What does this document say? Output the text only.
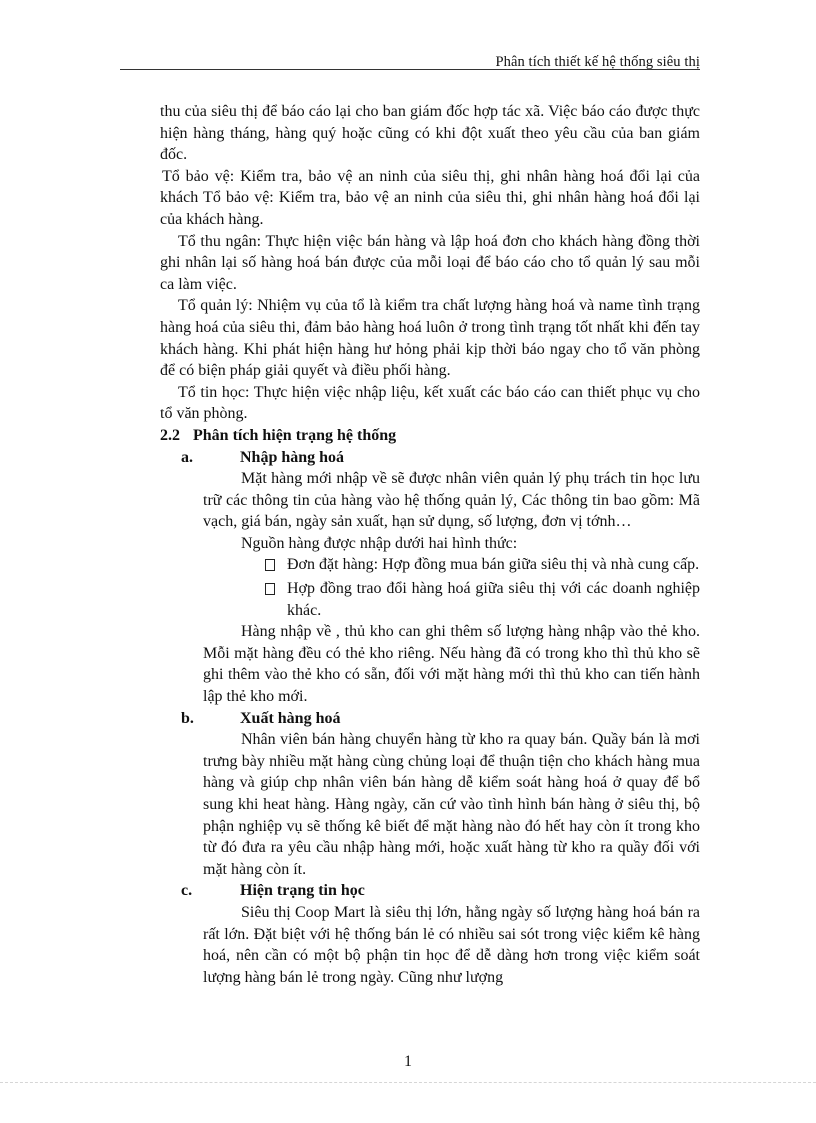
Phân tích thiết kế hệ thống siêu thị

thu của siêu thị để báo cáo lại cho ban giám đốc hợp tác xã. Việc báo cáo được thực hiện hàng tháng, hàng quý hoặc cũng có khi đột xuất theo yêu cầu của ban giám đốc.

Tổ bảo vệ: Kiểm tra, bảo vệ an ninh của siêu thị, ghi nhân hàng hoá đổi lại của khách Tổ bảo vệ: Kiểm tra, bảo vệ an ninh của siêu thi, ghi nhân hàng hoá đổi lại của khách hàng.

Tổ thu ngân: Thực hiện việc bán hàng và lập hoá đơn cho khách hàng đồng thời ghi nhân lại số hàng hoá bán được của mỗi loại để báo cáo cho tổ quản lý sau mỗi ca làm việc.

Tổ quản lý: Nhiệm vụ của tổ là kiểm tra chất lượng hàng hoá và name tình trạng hàng hoá của siêu thi, đảm bảo hàng hoá luôn ở trong tình trạng tốt nhất khi đến tay khách hàng. Khi phát hiện hàng hư hỏng phải kịp thời báo ngay cho tổ văn phòng để có biện pháp giải quyết và điều phối hàng.

Tổ tin học: Thực hiện việc nhập liệu, kết xuất các báo cáo can thiết phục vụ cho tổ văn phòng.

2.2 Phân tích hiện trạng hệ thống
a.	Nhập hàng hoá

Mặt hàng mới nhập về sẽ được nhân viên quản lý phụ trách tin học lưu trữ các thông tin của hàng vào hệ thống quản lý, Các thông tin bao gồm: Mã vạch, giá bán, ngày sản xuất, hạn sử dụng, số lượng, đơn vị tớnh…

Nguồn hàng được nhập dưới hai hình thức:

Đơn đặt hàng: Hợp đồng mua bán giữa siêu thị và nhà cung cấp.
Hợp đồng trao đổi hàng hoá giữa siêu thị với các doanh nghiệp khác.

Hàng nhập về , thủ kho can ghi thêm số lượng hàng nhập vào thẻ kho. Mỗi mặt hàng đều có thẻ kho riêng. Nếu hàng đã có trong kho thì thủ kho sẽ ghi thêm vào thẻ kho có sẵn, đối với mặt hàng mới thì thủ kho can tiến hành lập thẻ kho mới.

b.	Xuất hàng hoá

Nhân viên bán hàng chuyển hàng từ kho ra quay bán. Quầy bán là mơi trưng bày nhiều mặt hàng cùng chủng loại để thuận tiện cho khách hàng mua hàng và giúp chp nhân viên bán hàng dễ kiểm soát hàng hoá ở quay để bổ sung khi heat hàng. Hàng ngày, căn cứ vào tình hình bán hàng ở siêu thị, bộ phận nghiệp vụ sẽ thống kê biết để mặt hàng nào đó hết hay còn ít trong kho từ đó đưa ra yêu cầu nhập hàng mới, hoặc xuất hàng từ kho ra quầy đối với mặt hàng còn ít.

c.	Hiện trạng tin học

Siêu thị Coop Mart là siêu thị lớn, hằng ngày số lượng hàng hoá bán ra rất lớn. Đặt biệt với hệ thống bán lẻ có nhiều sai sót trong việc kiểm kê hàng hoá, nên cần có một bộ phận tin học để dễ dàng hơn trong việc kiểm soát lượng hàng bán lẻ trong ngày. Cũng như lượng

1
